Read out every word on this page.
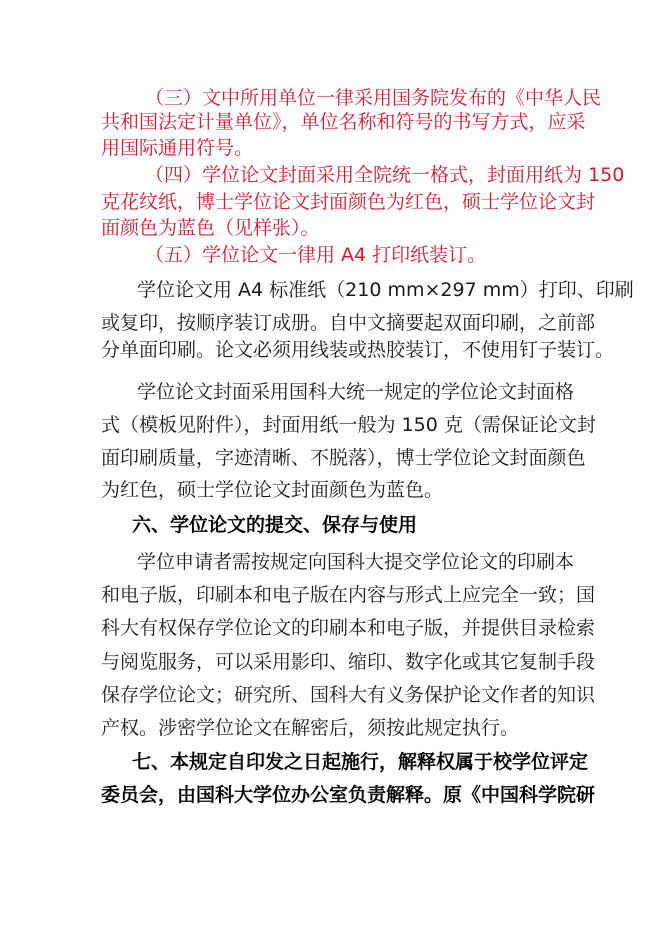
（三）文中所用单位一律采用国务院发布的《中华人民
共和国法定计量单位》，单位名称和符号的书写方式，应采
用国际通用符号。
（四）学位论文封面采用全院统一格式，封面用纸为 150
克花纹纸，博士学位论文封面颜色为红色，硕士学位论文封
面颜色为蓝色（见样张）。
（五）学位论文一律用 A4 打印纸装订。
学位论文用 A4 标准纸（210 mm×297 mm）打印、印刷
或复印，按顺序装订成册。自中文摘要起双面印刷，之前部
分单面印刷。论文必须用线装或热胶装订，不使用钉子装订。
学位论文封面采用国科大统一规定的学位论文封面格
式（模板见附件），封面用纸一般为 150 克（需保证论文封
面印刷质量，字迹清晰、不脱落），博士学位论文封面颜色
为红色，硕士学位论文封面颜色为蓝色。
六、学位论文的提交、保存与使用
学位申请者需按规定向国科大提交学位论文的印刷本
和电子版，印刷本和电子版在内容与形式上应完全一致；国
科大有权保存学位论文的印刷本和电子版，并提供目录检索
与阅览服务，可以采用影印、缩印、数字化或其它复制手段
保存学位论文；研究所、国科大有义务保护论文作者的知识
产权。涉密学位论文在解密后，须按此规定执行。
七、本规定自印发之日起施行，解释权属于校学位评定
委员会，由国科大学位办公室负责解释。原《中国科学院研
